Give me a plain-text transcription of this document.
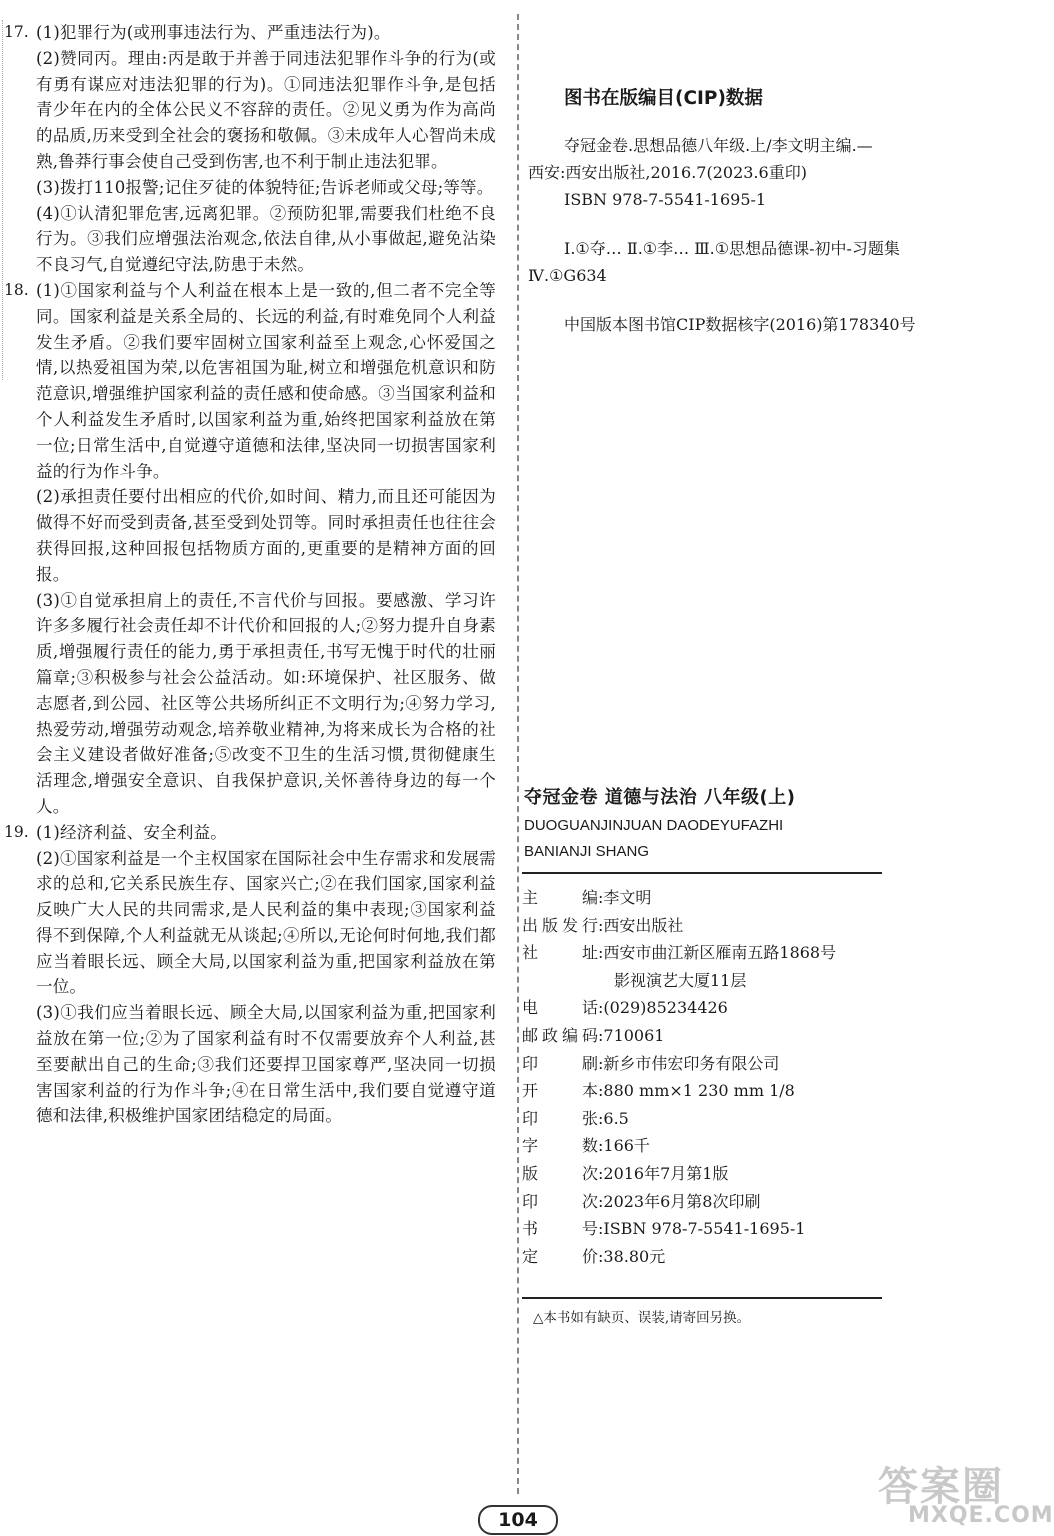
17. (1)犯罪行为(或刑事违法行为、严重违法行为)。
(2)赞同丙。理由:丙是敢于并善于同违法犯罪作斗争的行为(或有勇有谋应对违法犯罪的行为)。①同违法犯罪作斗争,是包括青少年在内的全体公民义不容辞的责任。②见义勇为作为高尚的品质,历来受到全社会的褒扬和敬佩。③未成年人心智尚未成熟,鲁莽行事会使自己受到伤害,也不利于制止违法犯罪。
(3)拨打110报警;记住歹徒的体貌特征;告诉老师或父母;等等。
(4)①认清犯罪危害,远离犯罪。②预防犯罪,需要我们杜绝不良行为。③我们应增强法治观念,依法自律,从小事做起,避免沾染不良习气,自觉遵纪守法,防患于未然。
18. (1)①国家利益与个人利益在根本上是一致的,但二者不完全等同。国家利益是关系全局的、长远的利益,有时难免同个人利益发生矛盾。②我们要牢固树立国家利益至上观念,心怀爱国之情,以热爱祖国为荣,以危害祖国为耻,树立和增强危机意识和防范意识,增强维护国家利益的责任感和使命感。③当国家利益和个人利益发生矛盾时,以国家利益为重,始终把国家利益放在第一位;日常生活中,自觉遵守道德和法律,坚决同一切损害国家利益的行为作斗争。
(2)承担责任要付出相应的代价,如时间、精力,而且还可能因为做得不好而受到责备,甚至受到处罚等。同时承担责任也往往会获得回报,这种回报包括物质方面的,更重要的是精神方面的回报。
(3)①自觉承担肩上的责任,不言代价与回报。要感激、学习许许多多履行社会责任却不计代价和回报的人;②努力提升自身素质,增强履行责任的能力,勇于承担责任,书写无愧于时代的壮丽篇章;③积极参与社会公益活动。如:环境保护、社区服务、做志愿者,到公园、社区等公共场所纠正不文明行为;④努力学习,热爱劳动,增强劳动观念,培养敬业精神,为将来成长为合格的社会主义建设者做好准备;⑤改变不卫生的生活习惯,贯彻健康生活理念,增强安全意识、自我保护意识,关怀善待身边的每一个人。
19. (1)经济利益、安全利益。
(2)①国家利益是一个主权国家在国际社会中生存需求和发展需求的总和,它关系民族生存、国家兴亡;②在我们国家,国家利益反映广大人民的共同需求,是人民利益的集中表现;③国家利益得不到保障,个人利益就无从谈起;④所以,无论何时何地,我们都应当着眼长远、顾全大局,以国家利益为重,把国家利益放在第一位。
(3)①我们应当着眼长远、顾全大局,以国家利益为重,把国家利益放在第一位;②为了国家利益有时不仅需要放弃个人利益,甚至要献出自己的生命;③我们还要捍卫国家尊严,坚决同一切损害国家利益的行为作斗争;④在日常生活中,我们要自觉遵守道德和法律,积极维护国家团结稳定的局面。
图书在版编目(CIP)数据
夺冠金卷.思想品德八年级.上/李文明主编.—
西安:西安出版社,2016.7(2023.6重印)
ISBN 978-7-5541-1695-1
Ⅰ.①夺… Ⅱ.①李… Ⅲ.①思想品德课-初中-习题集
Ⅳ.①G634
中国版本图书馆CIP数据核字(2016)第178340号
夺冠金卷 道德与法治 八年级(上)
DUOGUANJINJUAN DAODEYUFAZHI
BANIANJI SHANG
主	编 : 李文明
出 版 发 行 : 西安出版社
社	址 : 西安市曲江新区雁南五路1868号
影视演艺大厦11层
电	话 : (029)85234426
邮 政 编 码 : 710061
印	刷 : 新乡市伟宏印务有限公司
开	本 : 880 mm×1 230 mm 1/8
印	张 : 6.5
字	数 : 166千
版	次 : 2016年7月第1版
印	次 : 2023年6月第8次印刷
书	号 : ISBN 978-7-5541-1695-1
定	价 : 38.80元
△本书如有缺页、误装,请寄回另换。
104
答案圈
MXQE.COM
